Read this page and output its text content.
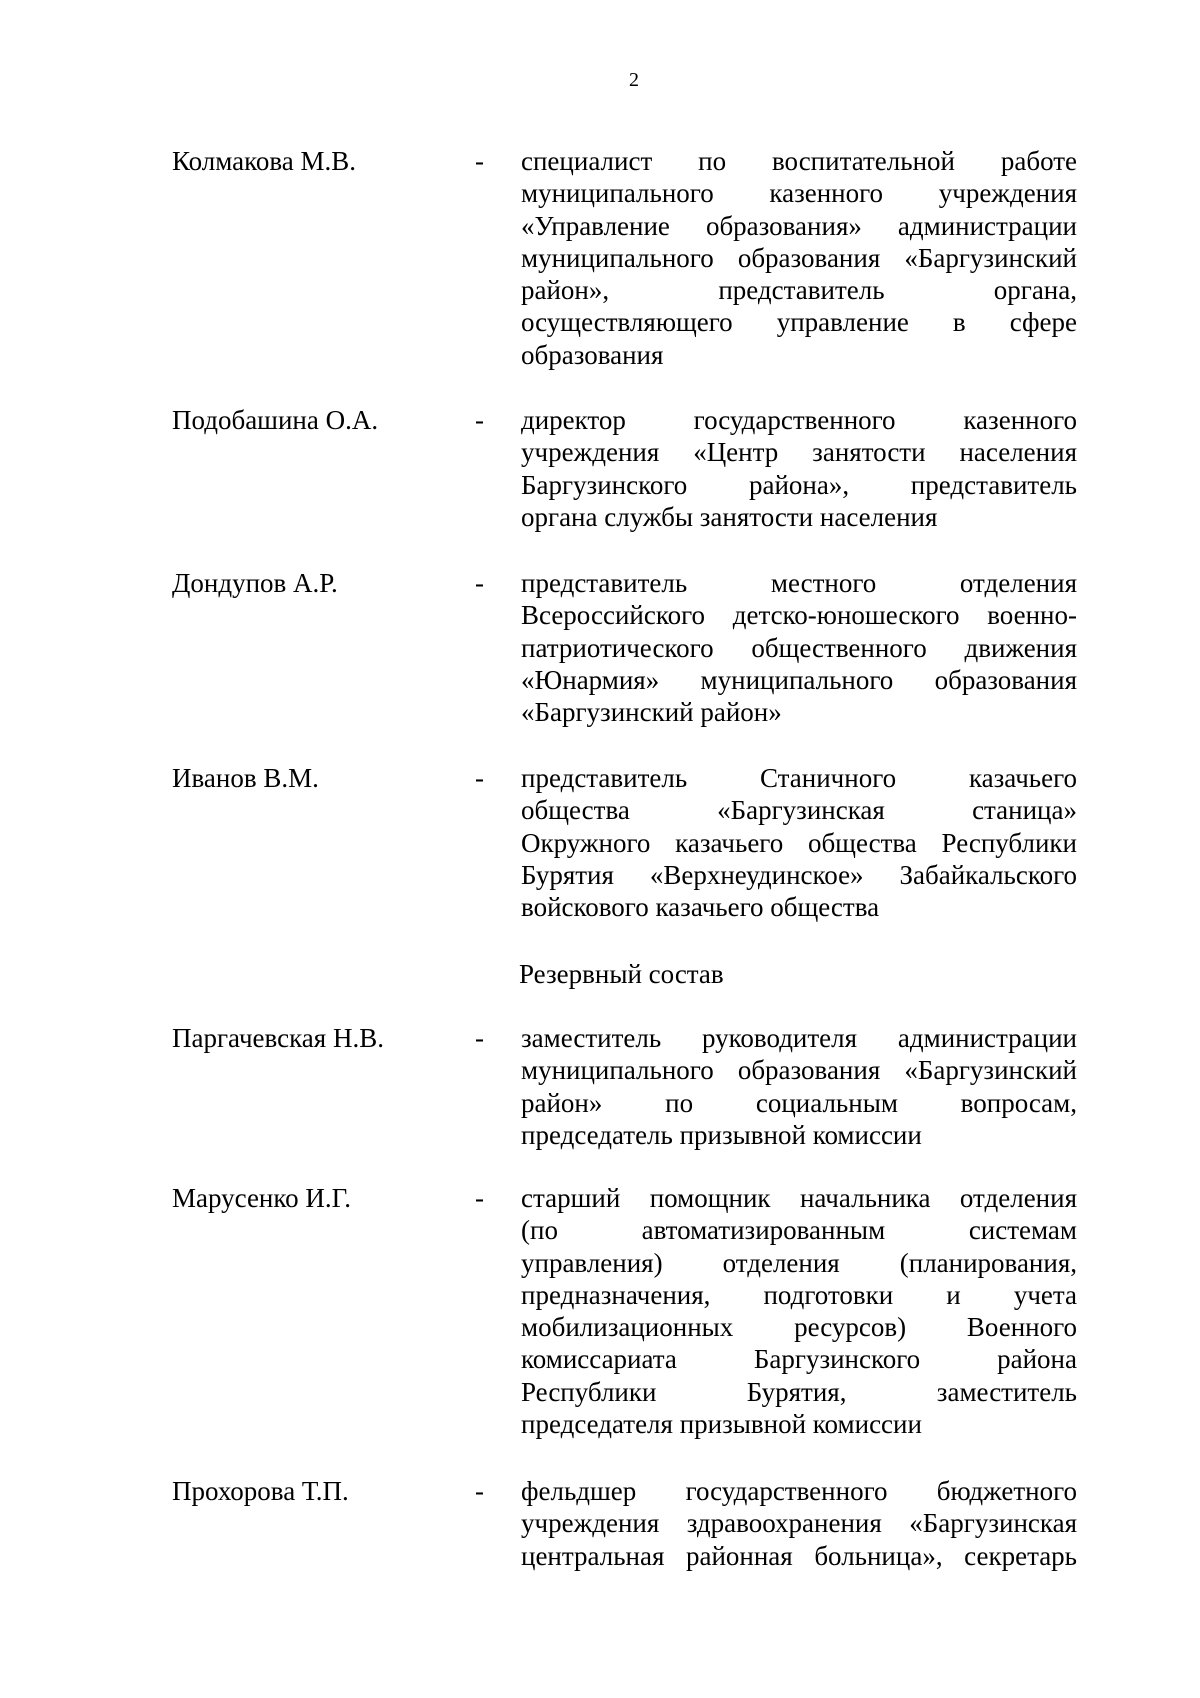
2
Колмакова М.В.	- специалист по воспитательной работе
муниципального казенного учреждения
«Управление образования» администрации
муниципального образования «Баргузинский
район», представитель органа,
осуществляющего управление в сфере
образования
Подобашина О.А.	- директор государственного казенного
учреждения «Центр занятости населения
Баргузинского района», представитель
органа службы занятости населения
Дондупов А.Р.	- представитель местного отделения
Всероссийского детско-юношеского военно-
патриотического общественного движения
«Юнармия» муниципального образования
«Баргузинский район»
Иванов В.М.	- представитель Станичного казачьего
общества «Баргузинская станица»
Окружного казачьего общества Республики
Бурятия «Верхнеудинское» Забайкальского
войскового казачьего общества
Резервный состав
Паргачевская Н.В.	- заместитель руководителя администрации
муниципального образования «Баргузинский
район» по социальным вопросам,
председатель призывной комиссии
Марусенко И.Г.	- старший помощник начальника отделения
(по автоматизированным системам
управления) отделения (планирования,
предназначения, подготовки и учета
мобилизационных ресурсов) Военного
комиссариата Баргузинского района
Республики Бурятия, заместитель
председателя призывной комиссии
Прохорова Т.П.	- фельдшер государственного бюджетного
учреждения здравоохранения «Баргузинская
центральная районная больница», секретарь
